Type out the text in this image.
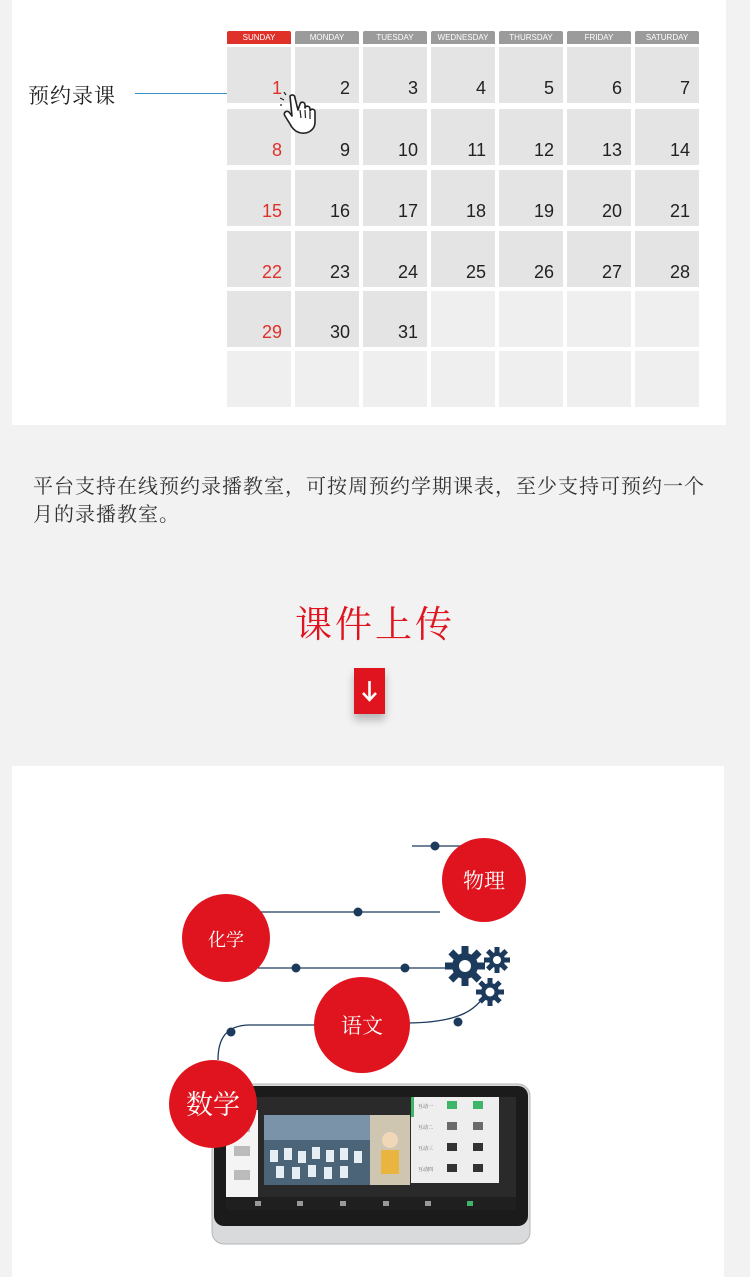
预约录课
SUNDAY	MONDAY	TUESDAY	WEDNESDAY	THURSDAY	FRIDAY	SATURDAY
1	2	3	4	5	6	7
8	9	10	11	12	13	14
15	16	17	18	19	20	21
22	23	24	25	26	27	28
29	30	31
平台支持在线预约录播教室，可按周预约学期课表，至少支持可预约一个月的录播教室。
课件上传
互动一
互动二
互动三
互动四
物理
化学
语文
数学
